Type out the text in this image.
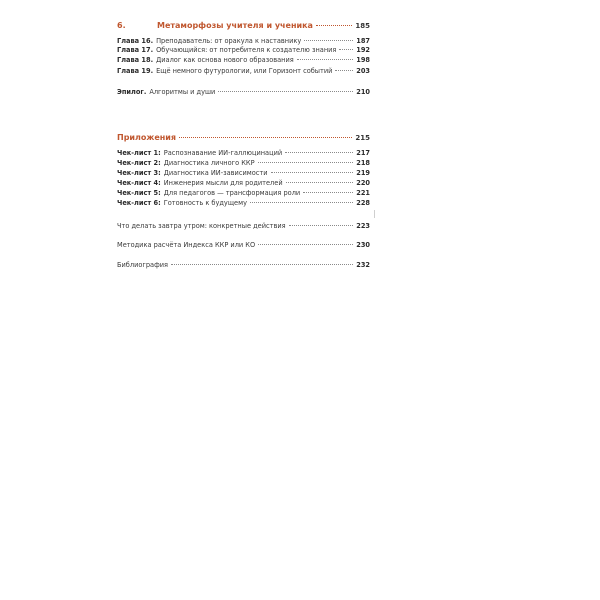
6.	Метаморфозы учителя и ученика	185
Глава 16. Преподаватель: от оракула к наставнику	187
Глава 17. Обучающийся: от потребителя к создателю знания	192
Глава 18. Диалог как основа нового образования	198
Глава 19. Ещё немного футурологии, или Горизонт событий	203
Эпилог. Алгоритмы и души	210
Приложения	215
Чек-лист 1: Распознавание ИИ-галлюцинаций	217
Чек-лист 2: Диагностика личного ККР	218
Чек-лист 3: Диагностика ИИ-зависимости	219
Чек-лист 4: Инженерия мысли для родителей	220
Чек-лист 5: Для педагогов — трансформация роли	221
Чек-лист 6: Готовность к будущему	228
Что делать завтра утром: конкретные действия	223
Методика расчёта Индекса ККР или КО	230
Библиография	232
